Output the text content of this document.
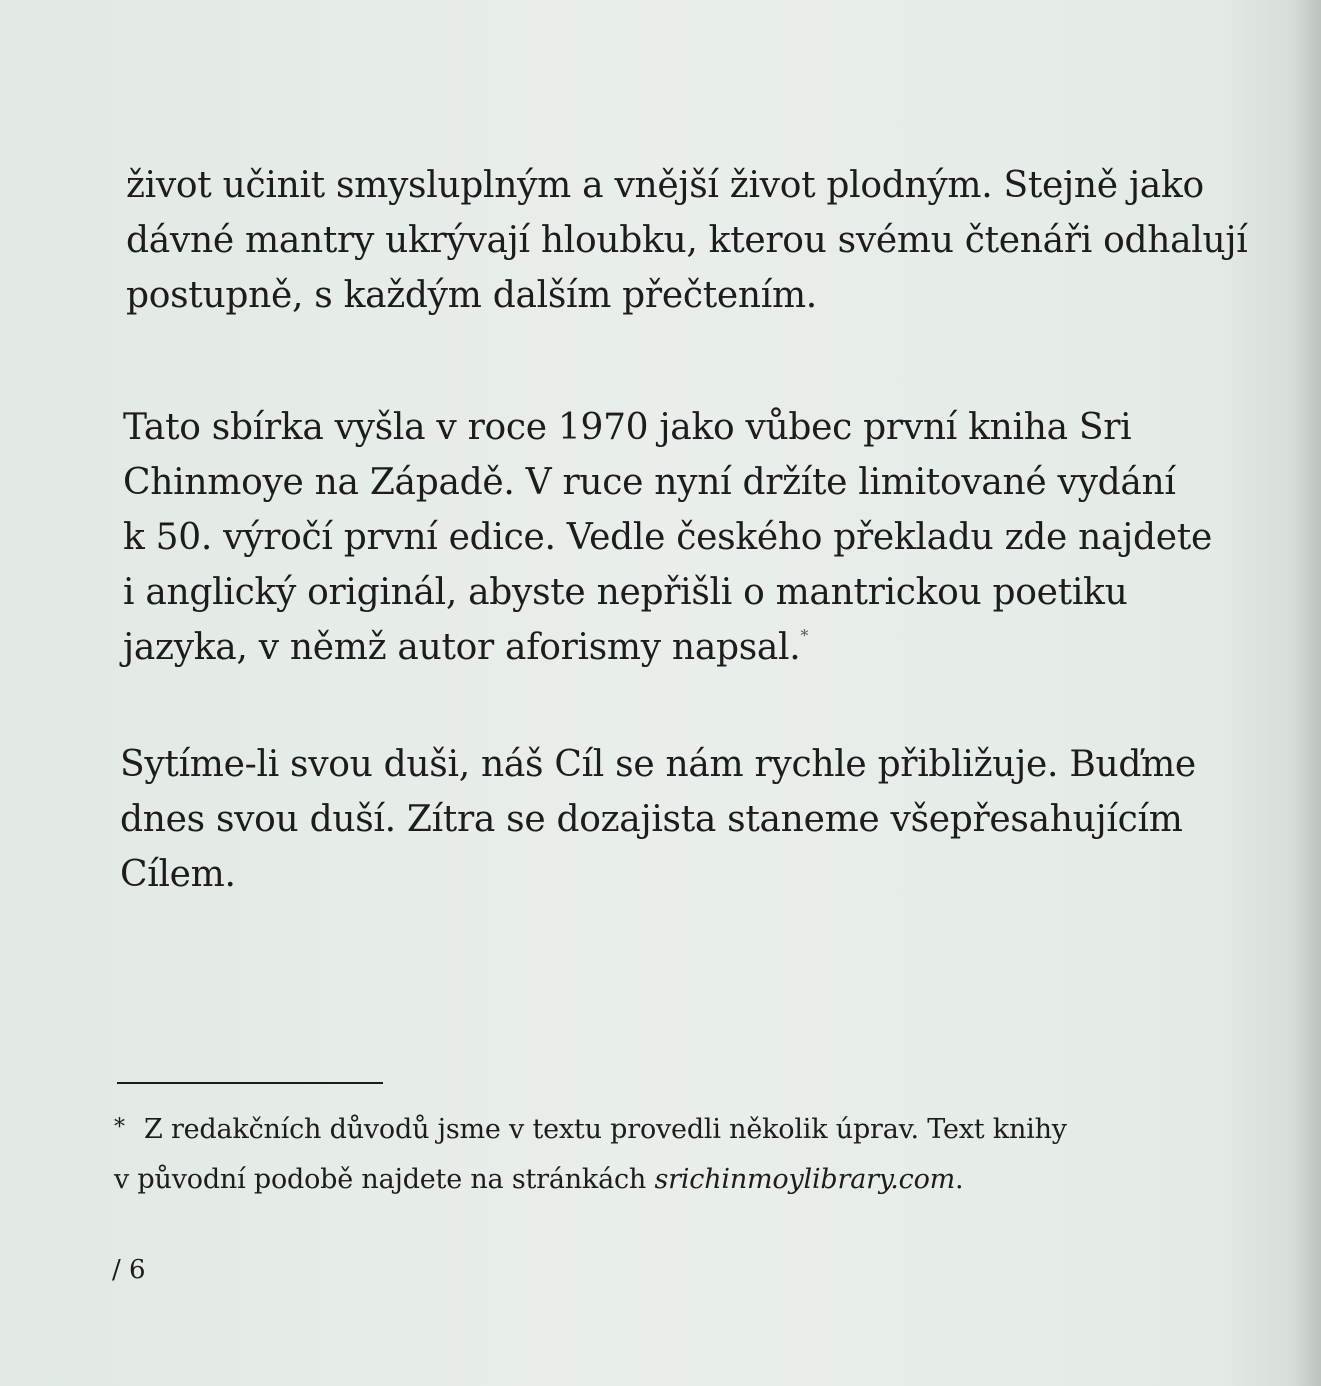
život učinit smysluplným a vnější život plodným. Stejně jako
dávné mantry ukrývají hloubku, kterou svému čtenáři odhalují
postupně, s každým dalším přečtením.

Tato sbírka vyšla v roce 1970 jako vůbec první kniha Sri
Chinmoye na Západě. V ruce nyní držíte limitované vydání
k 50. výročí první edice. Vedle českého překladu zde najdete
i anglický originál, abyste nepřišli o mantrickou poetiku
jazyka, v němž autor aforismy napsal.*

Sytíme-li svou duši, náš Cíl se nám rychle přibližuje. Buďme
dnes svou duší. Zítra se dozajista staneme všepřesahujícím
Cílem.

* Z redakčních důvodů jsme v textu provedli několik úprav. Text knihy
v původní podobě najdete na stránkách srichinmoylibrary.com.

/ 6
